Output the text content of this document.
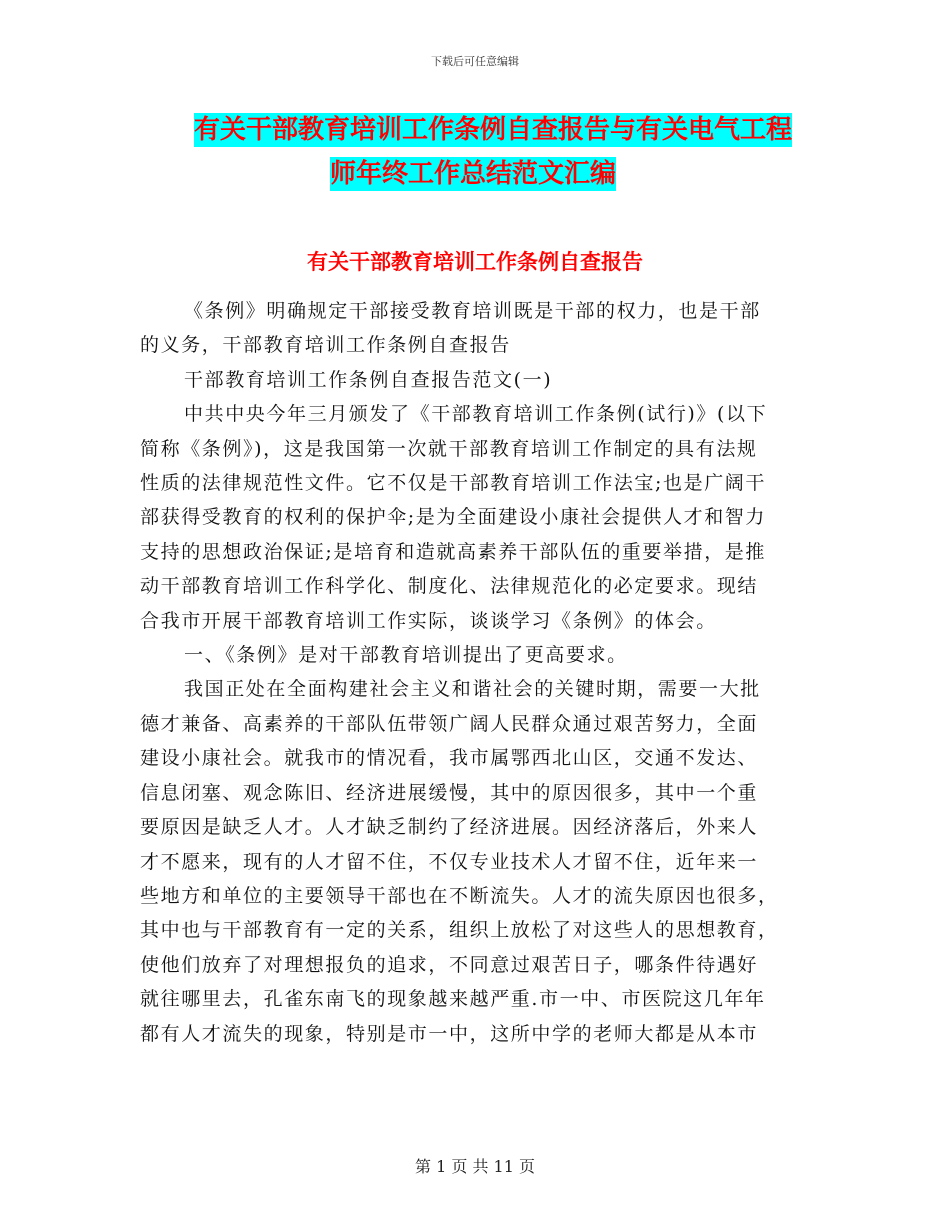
下载后可任意编辑
有关干部教育培训工作条例自查报告与有关电气工程
师年终工作总结范文汇编
有关干部教育培训工作条例自查报告
《条例》明确规定干部接受教育培训既是干部的权力，也是干部
的义务，干部教育培训工作条例自查报告
干部教育培训工作条例自查报告范文(一)
中共中央今年三月颁发了《干部教育培训工作条例(试行)》(以下
简称《条例》)，这是我国第一次就干部教育培训工作制定的具有法规
性质的法律规范性文件。它不仅是干部教育培训工作法宝;也是广阔干
部获得受教育的权利的保护伞;是为全面建设小康社会提供人才和智力
支持的思想政治保证;是培育和造就高素养干部队伍的重要举措，是推
动干部教育培训工作科学化、制度化、法律规范化的必定要求。现结
合我市开展干部教育培训工作实际，谈谈学习《条例》的体会。
一、《条例》是对干部教育培训提出了更高要求。
我国正处在全面构建社会主义和谐社会的关键时期，需要一大批
德才兼备、高素养的干部队伍带领广阔人民群众通过艰苦努力，全面
建设小康社会。就我市的情况看，我市属鄂西北山区，交通不发达、
信息闭塞、观念陈旧、经济进展缓慢，其中的原因很多，其中一个重
要原因是缺乏人才。人才缺乏制约了经济进展。因经济落后，外来人
才不愿来，现有的人才留不住，不仅专业技术人才留不住，近年来一
些地方和单位的主要领导干部也在不断流失。人才的流失原因也很多，
其中也与干部教育有一定的关系，组织上放松了对这些人的思想教育，
使他们放弃了对理想报负的追求，不同意过艰苦日子，哪条件待遇好
就往哪里去，孔雀东南飞的现象越来越严重.市一中、市医院这几年年
都有人才流失的现象，特别是市一中，这所中学的老师大都是从本市
第 1 页 共 11 页
